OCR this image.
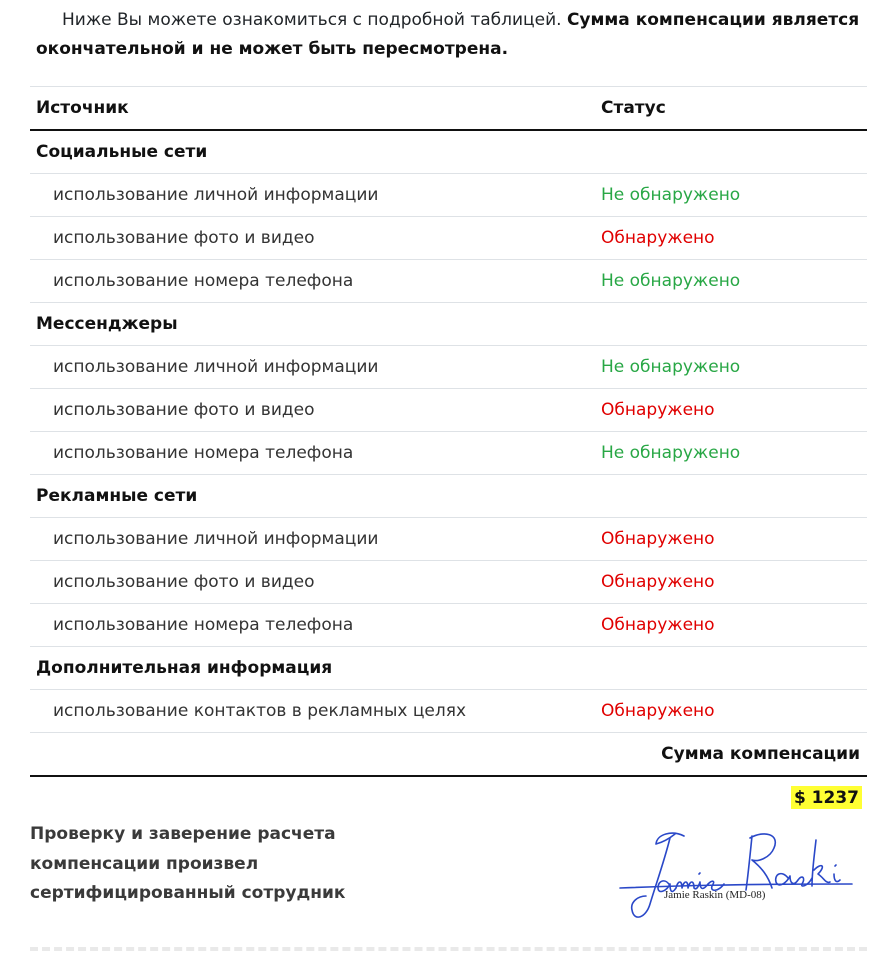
Ниже Вы можете ознакомиться с подробной таблицей. Сумма компенсации является окончательной и не может быть пересмотрена.
Источник	Статус
Социальные сети	
использование личной информации	Не обнаружено
использование фото и видео	Обнаружено
использование номера телефона	Не обнаружено
Мессенджеры	
использование личной информации	Не обнаружено
использование фото и видео	Обнаружено
использование номера телефона	Не обнаружено
Рекламные сети	
использование личной информации	Обнаружено
использование фото и видео	Обнаружено
использование номера телефона	Обнаружено
Дополнительная информация	
использование контактов в рекламных целях	Обнаружено
Сумма компенсации	
$ 1237
Проверку и заверение расчета компенсации произвел сертифицированный сотрудник	Jamie Raskin (MD-08)
